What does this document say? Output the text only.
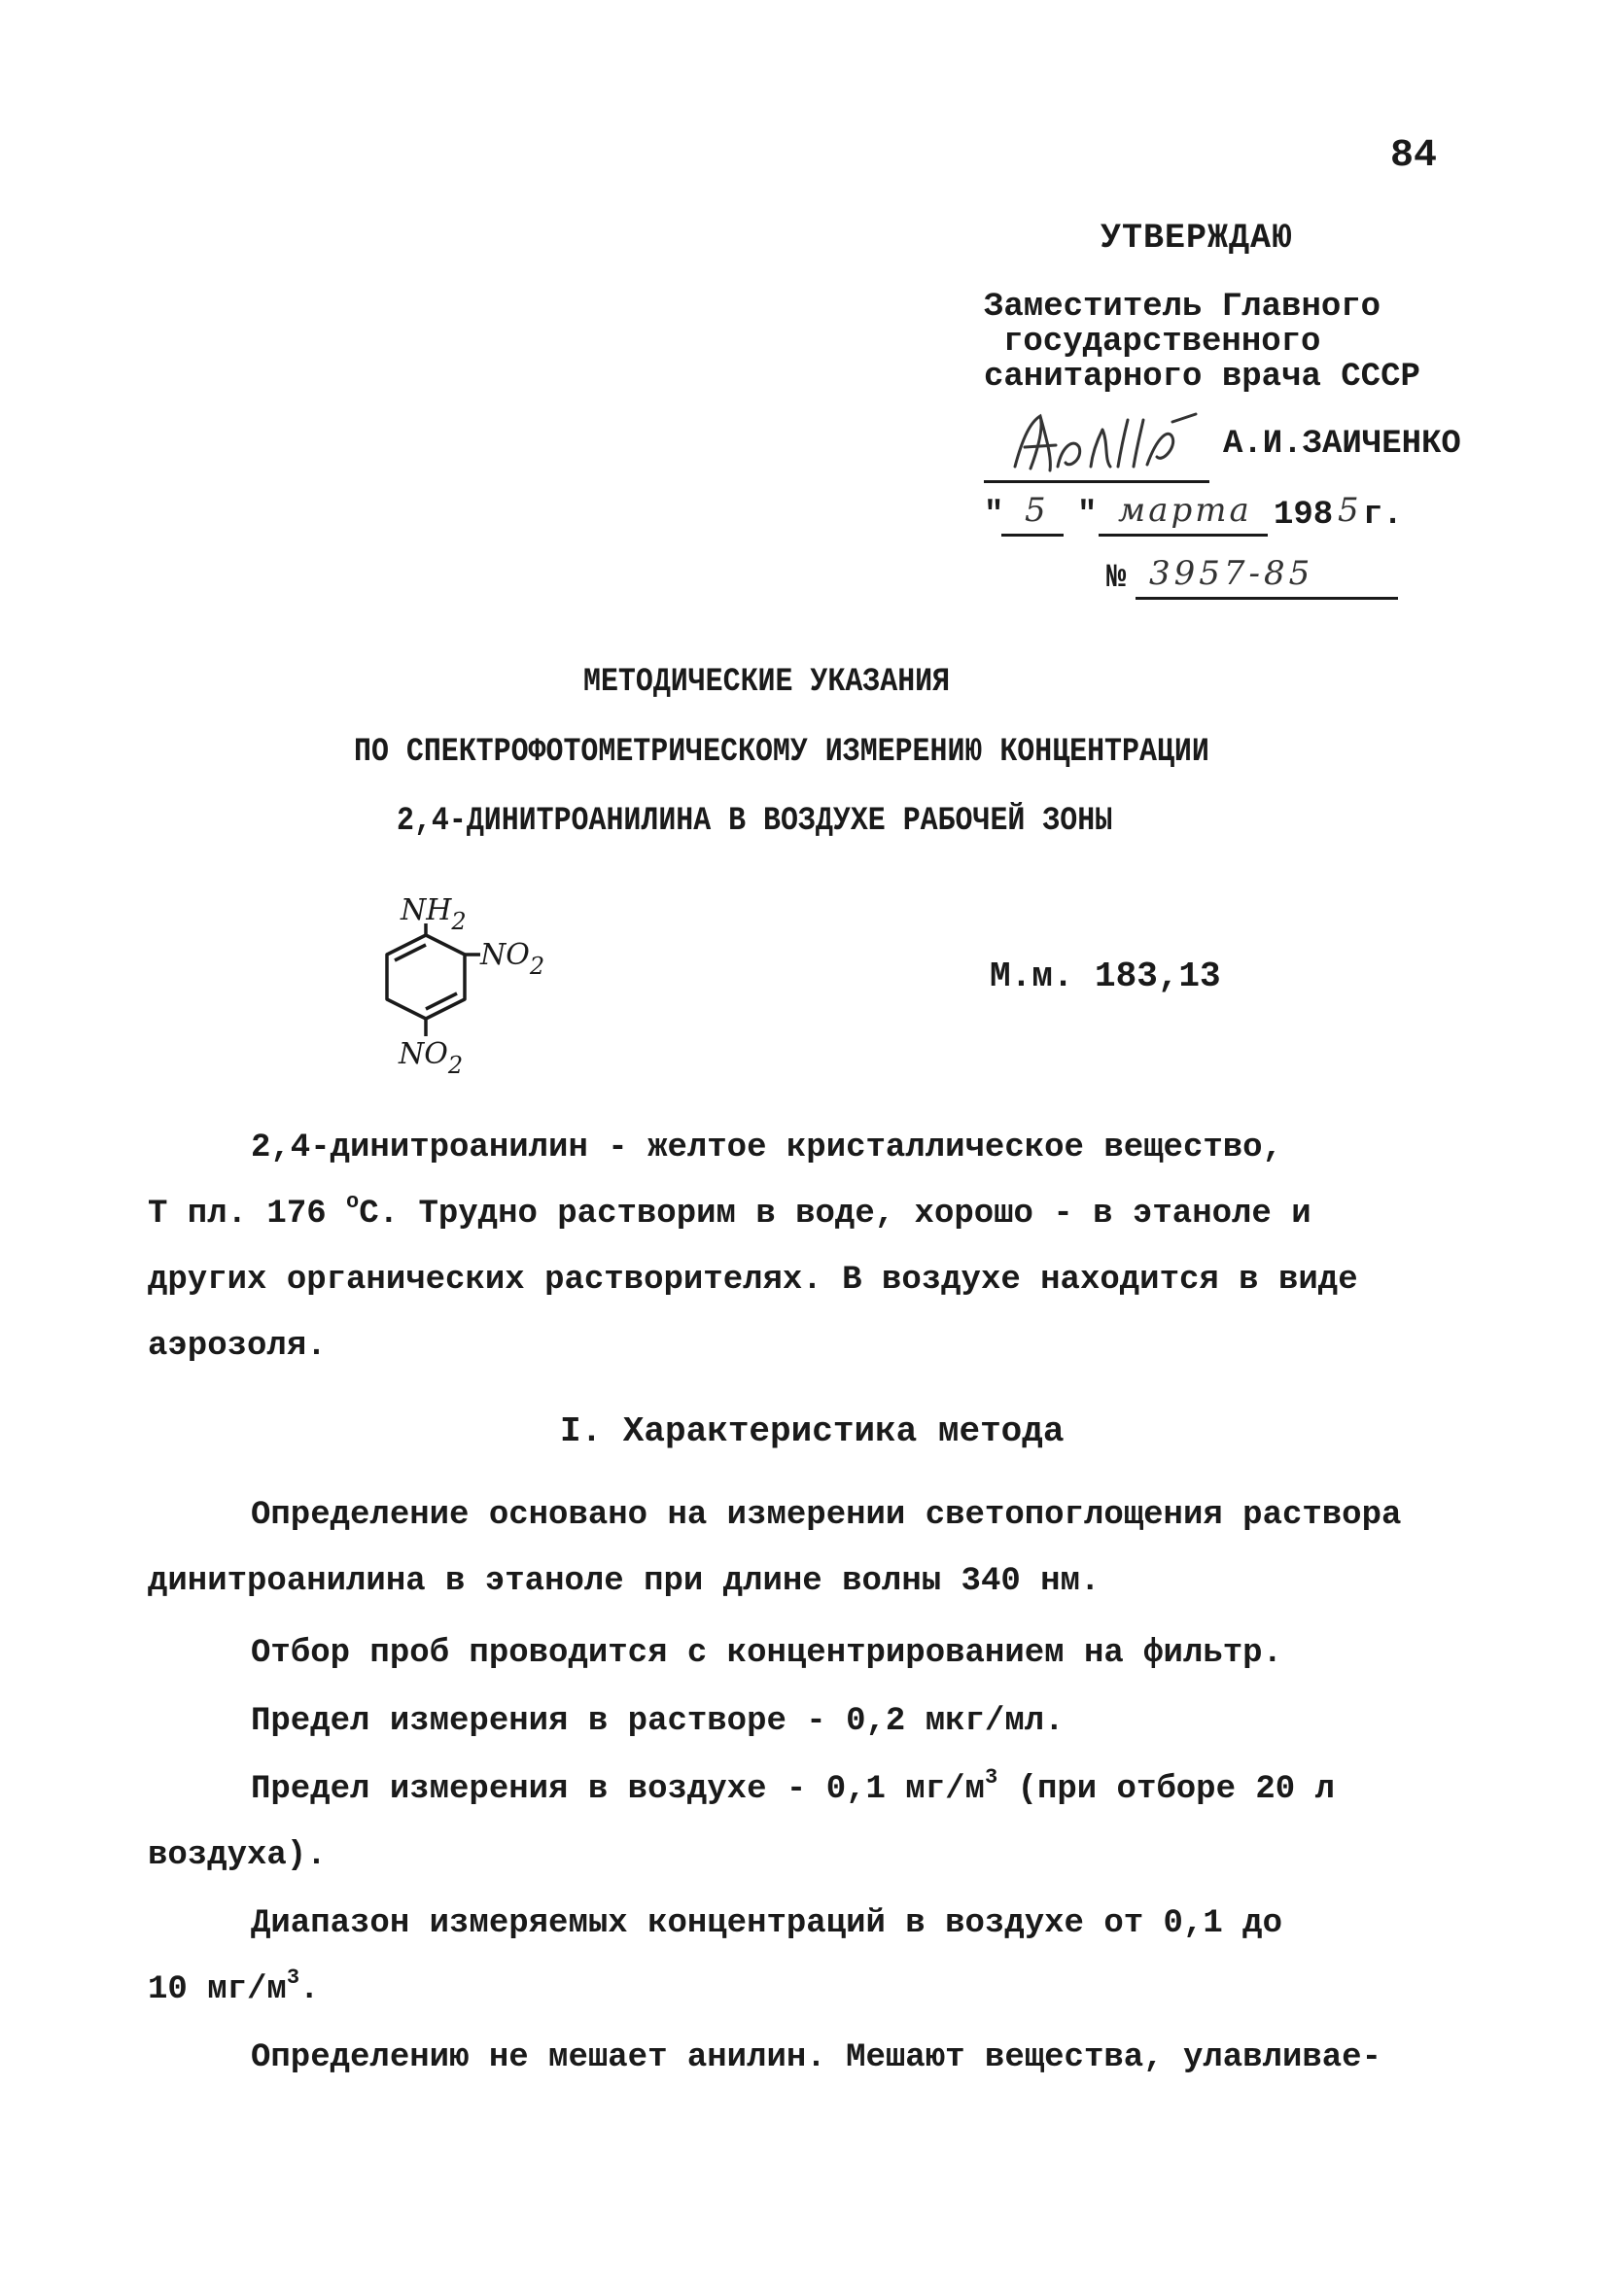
84
УТВЕРЖДАЮ
Заместитель Главного
государственного
санитарного врача СССР
А.И.ЗАИЧЕНКО
" 5 " марта 198 5 г.
№ 3957-85
МЕТОДИЧЕСКИЕ УКАЗАНИЯ
ПО СПЕКТРОФОТОМЕТРИЧЕСКОМУ ИЗМЕРЕНИЮ КОНЦЕНТРАЦИИ
2,4-ДИНИТРОАНИЛИНА В ВОЗДУХЕ РАБОЧЕЙ ЗОНЫ
$NH_2$
$NO_2$
$NO_2$
М.м. 183,13
2,4-динитроанилин - желтое кристаллическое вещество,
Т пл. 176 $^о$С. Трудно растворим в воде, хорошо - в этаноле и
других органических растворителях. В воздухе находится в виде
аэрозоля.
I. Характеристика метода
Определение основано на измерении светопоглощения раствора
динитроанилина в этаноле при длине волны 340 нм.
Отбор проб проводится с концентрированием на фильтр.
Предел измерения в растворе - 0,2 мкг/мл.
Предел измерения в воздухе - 0,1 $мг/м^3$ (при отборе 20 л
воздуха).
Диапазон измеряемых концентраций в воздухе от 0,1 до
10 $мг/м^3$.
Определению не мешает анилин. Мешают вещества, улавливае-
